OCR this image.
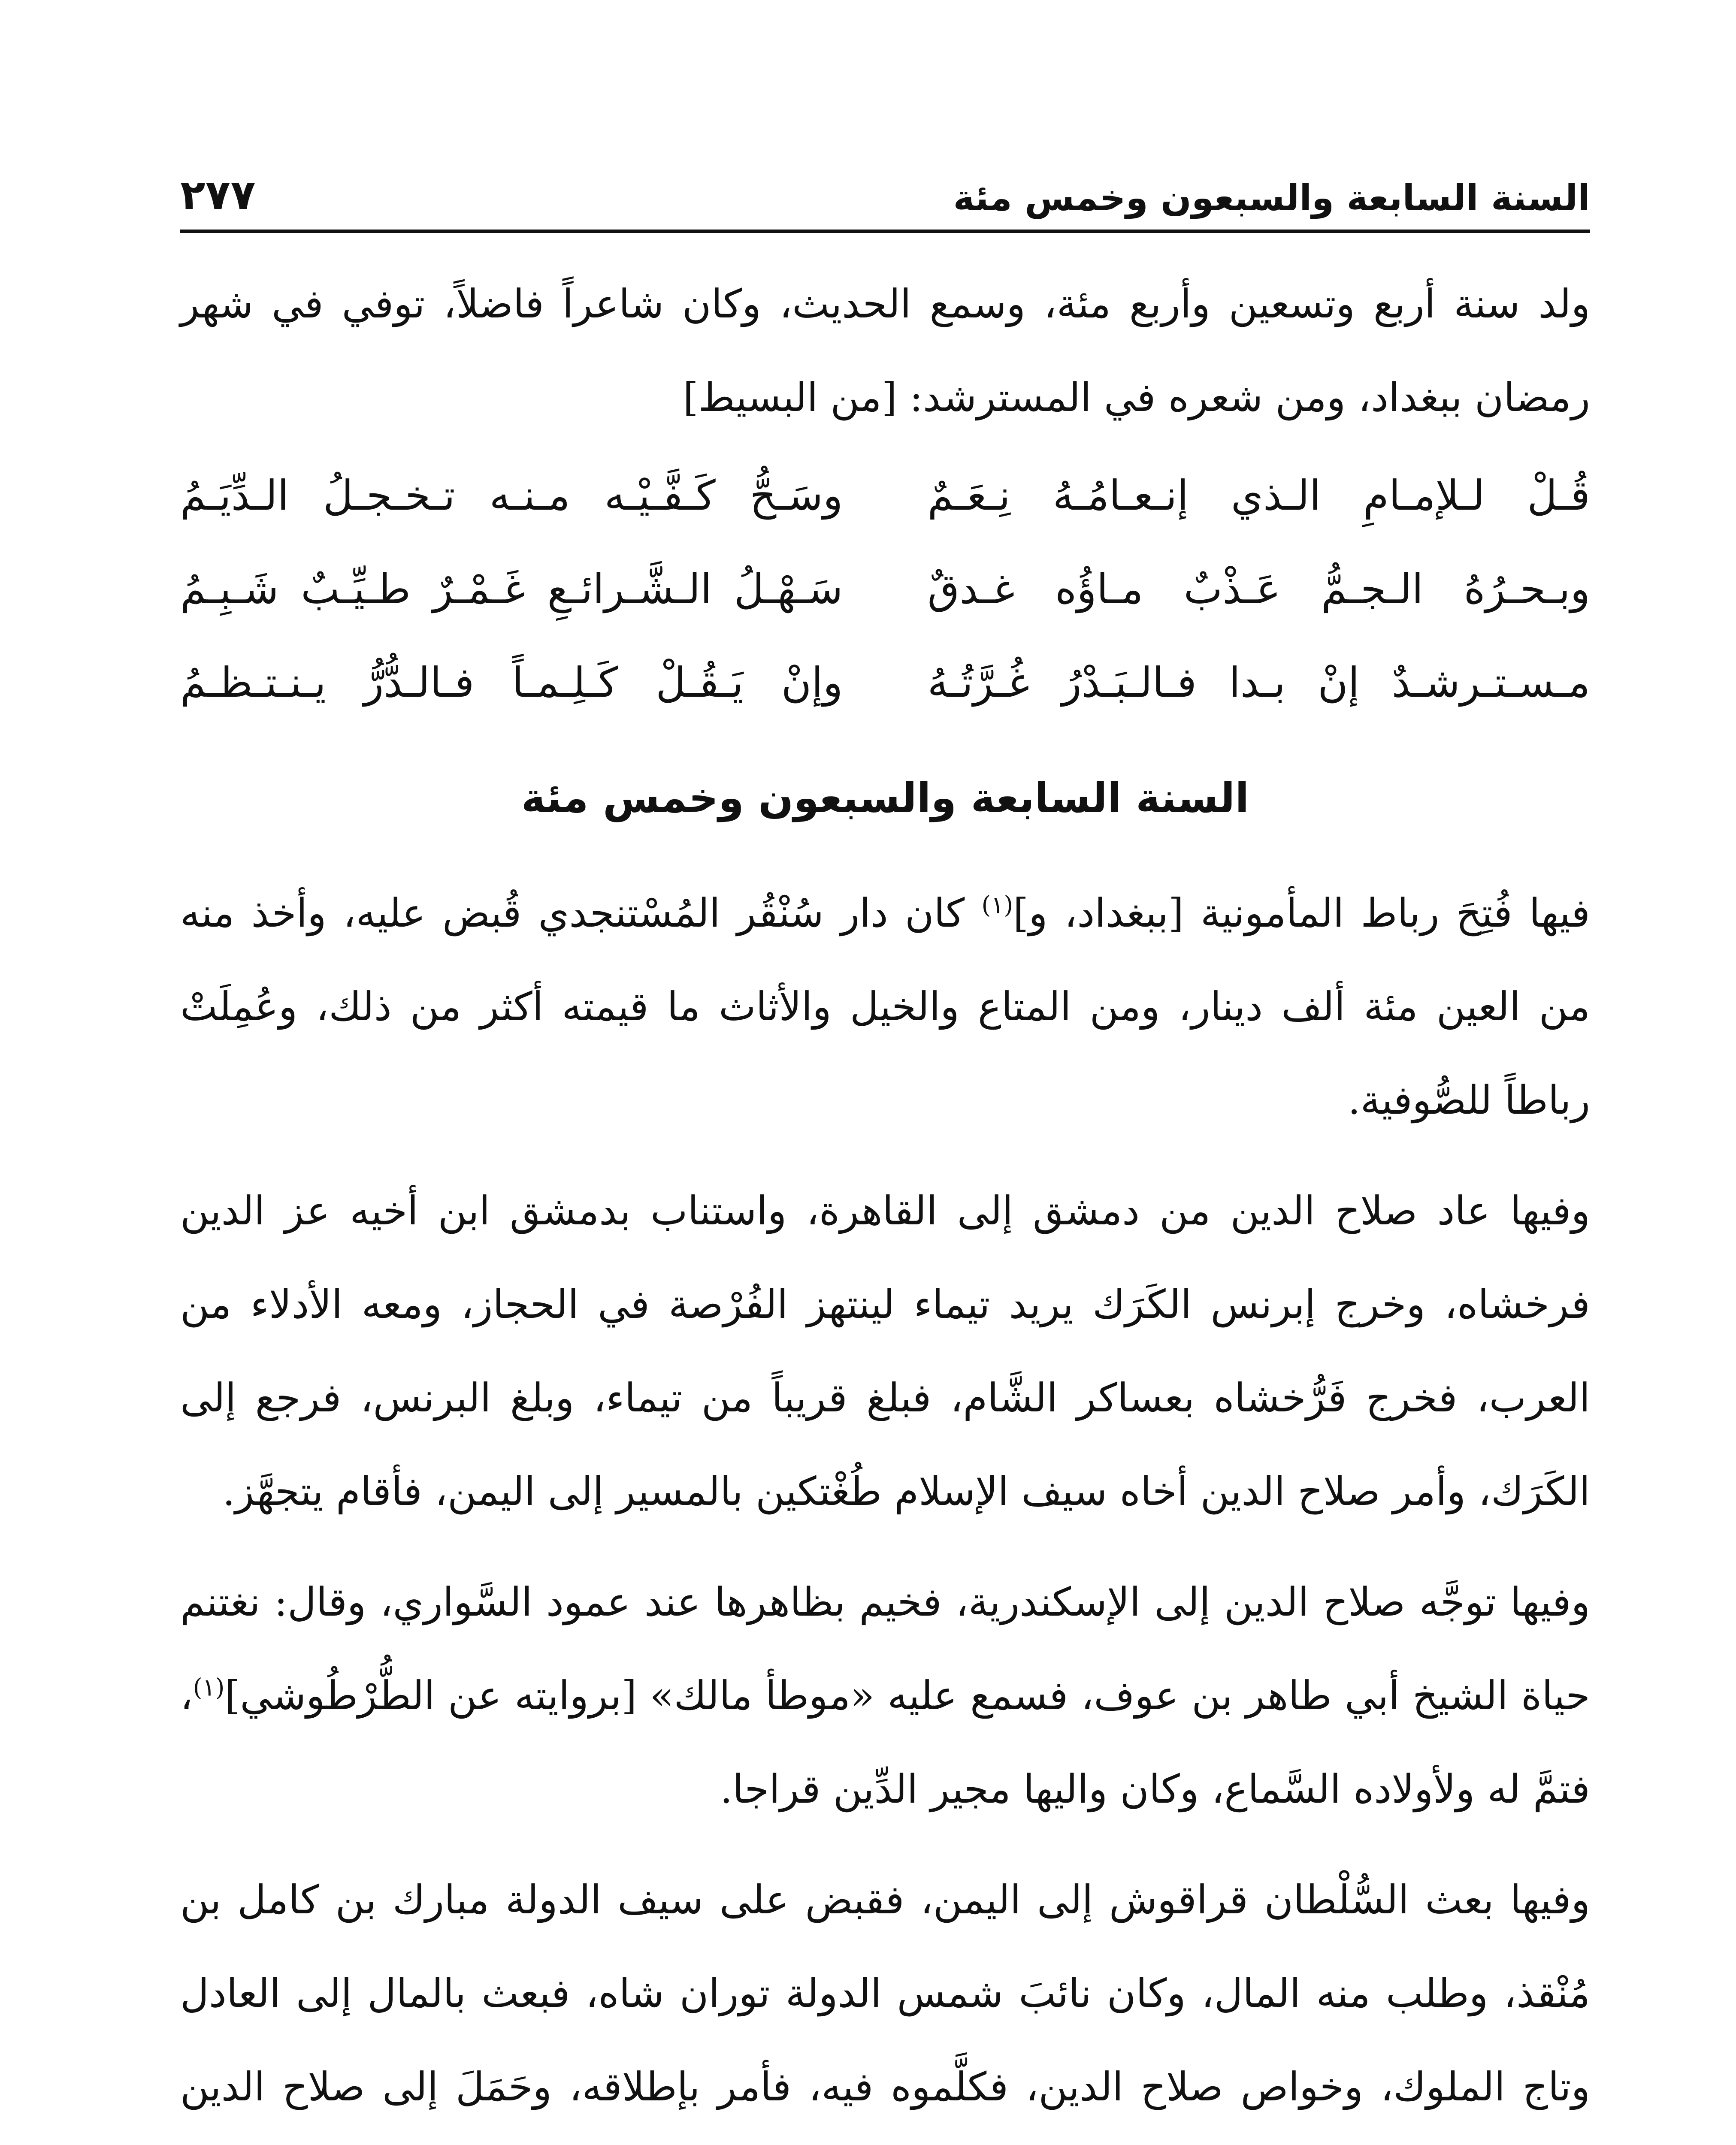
السنة السابعة والسبعون وخمس مئة
٢٧٧

ولد سنة أربع وتسعين وأربع مئة، وسمع الحديث، وكان شاعراً فاضلاً، توفي في شهر رمضان ببغداد، ومن شعره في المسترشد: [من البسيط]

قُـلْ لـلإمـامِ الـذي إنـعـامُـهُ نِـعَـمٌ
وسَـحُّ كَـفَّـيْـه مـنـه تـخـجـلُ الـدِّيَـمُ
وبـحـرُهُ الـجـمُّ عَـذْبٌ مـاؤُه غـدقٌ
سَـهْـلُ الـشَّـرائـعِ غَـمْـرٌ طـيِّـبٌ شَـبِـمُ
مـسـتـرشـدٌ إنْ بـدا فـالـبَـدْرُ غُـرَّتُـهُ
وإنْ يَـقُـلْ كَـلِـمـاً فـالـدُّرُّ يـنـتـظـمُ
السنة السابعة والسبعون وخمس مئة

فيها فُتِحَ رباط المأمونية [ببغداد، و]$^{(١)}$ كان دار سُنْقُر المُسْتنجدي قُبض عليه، وأخذ منه من العين مئة ألف دينار، ومن المتاع والخيل والأثاث ما قيمته أكثر من ذلك، وعُمِلَتْ رباطاً للصُّوفية.

وفيها عاد صلاح الدين من دمشق إلى القاهرة، واستناب بدمشق ابن أخيه عز الدين فرخشاه، وخرج إبرنس الكَرَك يريد تيماء لينتهز الفُرْصة في الحجاز، ومعه الأدلاء من العرب، فخرج فَرُّخشاه بعساكر الشَّام، فبلغ قريباً من تيماء، وبلغ البرنس، فرجع إلى الكَرَك، وأمر صلاح الدين أخاه سيف الإسلام طُغْتكين بالمسير إلى اليمن، فأقام يتجهَّز.

وفيها توجَّه صلاح الدين إلى الإسكندرية، فخيم بظاهرها عند عمود السَّواري، وقال: نغتنم حياة الشيخ أبي طاهر بن عوف، فسمع عليه «موطأ مالك» [بروايته عن الطُّرْطُوشي]$^{(١)}$، فتمَّ له ولأولاده السَّماع، وكان واليها مجير الدِّين قراجا.

وفيها بعث السُّلْطان قراقوش إلى اليمن، فقبض على سيف الدولة مبارك بن كامل بن مُنْقذ، وطلب منه المال، وكان نائبَ شمس الدولة توران شاه، فبعث بالمال إلى العادل وتاج الملوك، وخواص صلاح الدين، فكلَّموه فيه، فأمر بإطلاقه، وحَمَلَ إلى صلاح الدين
